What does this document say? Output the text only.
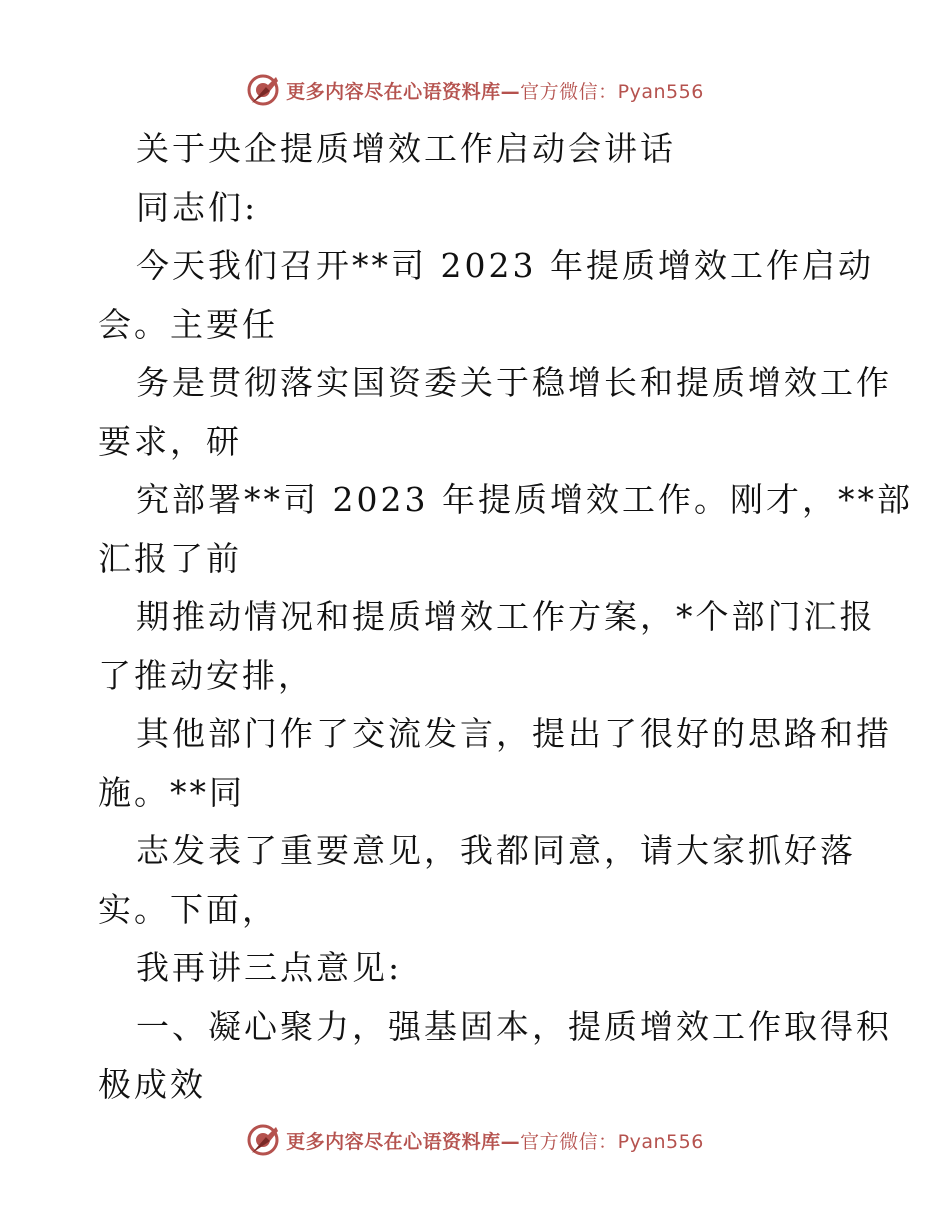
更多内容尽在心语资料库—官方微信：Pyan556
关于央企提质增效工作启动会讲话
同志们:
今天我们召开**司 2023 年提质增效工作启动
会。主要任
务是贯彻落实国资委关于稳增长和提质增效工作
要求，研
究部署**司 2023 年提质增效工作。刚才，**部
汇报了前
期推动情况和提质增效工作方案，*个部门汇报
了推动安排，
其他部门作了交流发言，提出了很好的思路和措
施。**同
志发表了重要意见，我都同意，请大家抓好落
实。下面，
我再讲三点意见:
一、凝心聚力，强基固本，提质增效工作取得积
极成效
更多内容尽在心语资料库—官方微信：Pyan556
